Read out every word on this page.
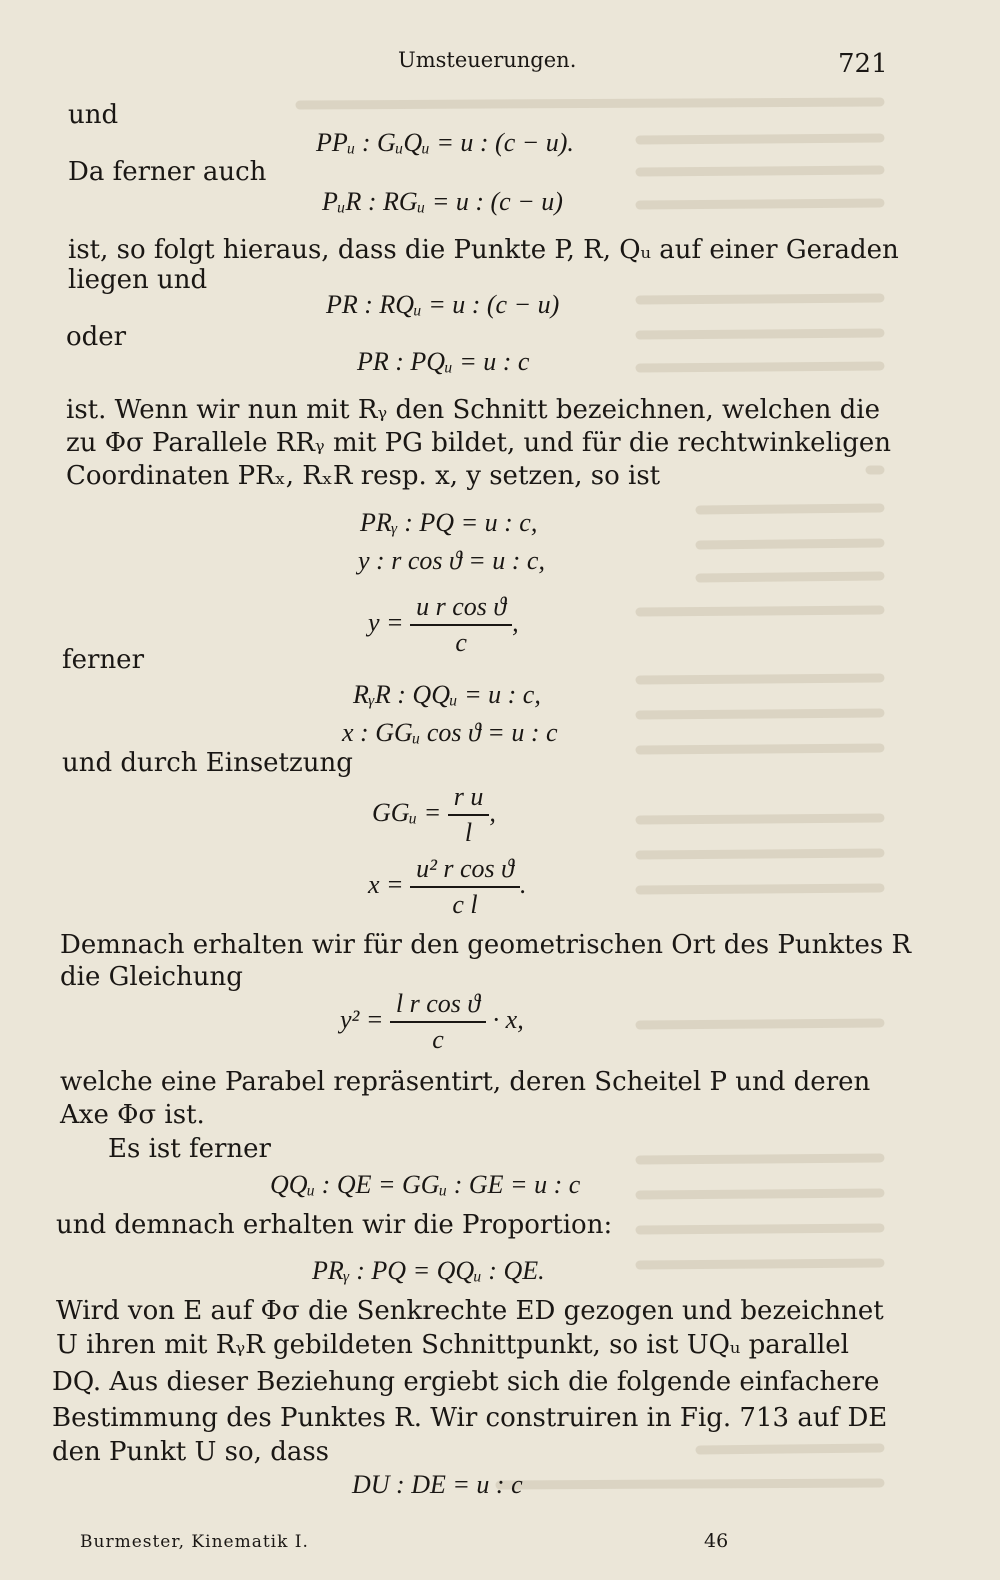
Umsteuerungen.	721
und
PPᵤ : GᵤQᵤ = u : (c − u).
Da ferner auch
PᵤR : RGᵤ = u : (c − u)
ist, so folgt hieraus, dass die Punkte P, R, Qᵤ auf einer Geraden
liegen und
PR : RQᵤ = u : (c − u)
oder
PR : PQᵤ = u : c
ist. Wenn wir nun mit Rᵧ den Schnitt bezeichnen, welchen die
zu Φσ Parallele RRᵧ mit PG bildet, und für die rechtwinkeligen
Coordinaten PRₓ, RₓR resp. x, y setzen, so ist
PRᵧ : PQ = u : c,
y : r cos ϑ = u : c,
$y = \frac{\text{u r cos ϑ}}{c}$ ,
ferner
RᵧR : QQᵤ = u : c,
x : GGᵤ cos ϑ = u : c
und durch Einsetzung
GGᵤ = $\frac{\text{r u}}{l}$ ,
$x = \frac{\text{u² r cos ϑ}}{\text{c l}}$ .
Demnach erhalten wir für den geometrischen Ort des Punktes R
die Gleichung
$y^2 = \frac{\text{l r cos ϑ}}{c} \cdot x$,
welche eine Parabel repräsentirt, deren Scheitel P und deren
Axe Φσ ist.
Es ist ferner
QQᵤ : QE = GGᵤ : GE = u : c
und demnach erhalten wir die Proportion:
PRᵧ : PQ = QQᵤ : QE.
Wird von E auf Φσ die Senkrechte ED gezogen und bezeichnet
U ihren mit RᵧR gebildeten Schnittpunkt, so ist UQᵤ parallel
DQ. Aus dieser Beziehung ergiebt sich die folgende einfachere
Bestimmung des Punktes R. Wir construiren in Fig. 713 auf DE
den Punkt U so, dass
DU : DE = u : c
Burmester, Kinematik I.	46
